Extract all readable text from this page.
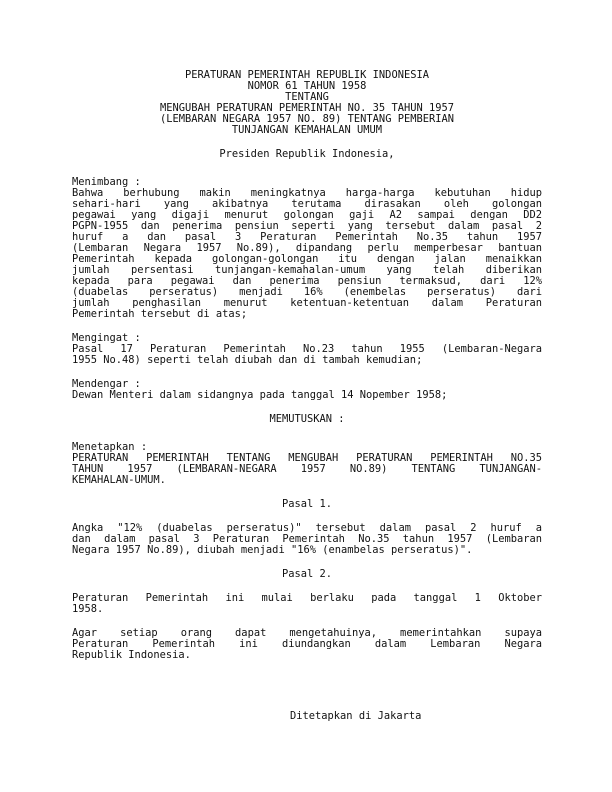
PERATURAN PEMERINTAH REPUBLIK INDONESIA
NOMOR 61 TAHUN 1958
TENTANG
MENGUBAH PERATURAN PEMERINTAH NO. 35 TAHUN 1957
(LEMBARAN NEGARA 1957 NO. 89) TENTANG PEMBERIAN
TUNJANGAN KEMAHALAN UMUM
Presiden Republik Indonesia,
Menimbang :
Bahwa berhubung makin meningkatnya harga-harga kebutuhan hidup
sehari-hari yang akibatnya terutama dirasakan oleh golongan
pegawai yang digaji menurut golongan gaji A2 sampai dengan DD2
PGPN-1955 dan penerima pensiun seperti yang tersebut dalam pasal 2
huruf a dan pasal 3 Peraturan Pemerintah No.35 tahun 1957
(Lembaran Negara 1957 No.89), dipandang perlu memperbesar bantuan
Pemerintah kepada golongan-golongan itu dengan jalan menaikkan
jumlah persentasi tunjangan-kemahalan-umum yang telah diberikan
kepada para pegawai dan penerima pensiun termaksud, dari 12%
(duabelas perseratus) menjadi 16% (enembelas perseratus) dari
jumlah penghasilan menurut ketentuan-ketentuan dalam Peraturan
Pemerintah tersebut di atas;
Mengingat :
Pasal 17 Peraturan Pemerintah No.23 tahun 1955 (Lembaran-Negara
1955 No.48) seperti telah diubah dan di tambah kemudian;
Mendengar :
Dewan Menteri dalam sidangnya pada tanggal 14 Nopember 1958;
MEMUTUSKAN :
Menetapkan :
PERATURAN PEMERINTAH TENTANG MENGUBAH PERATURAN PEMERINTAH NO.35
TAHUN 1957 (LEMBARAN-NEGARA 1957 NO.89) TENTANG TUNJANGAN-
KEMAHALAN-UMUM.
Pasal 1.
Angka "12% (duabelas perseratus)" tersebut dalam pasal 2 huruf a
dan dalam pasal 3 Peraturan Pemerintah No.35 tahun 1957 (Lembaran
Negara 1957 No.89), diubah menjadi "16% (enambelas perseratus)".
Pasal 2.
Peraturan Pemerintah ini mulai berlaku pada tanggal 1 Oktober
1958.
Agar setiap orang dapat mengetahuinya, memerintahkan supaya
Peraturan Pemerintah ini diundangkan dalam Lembaran Negara
Republik Indonesia.
Ditetapkan di Jakarta
